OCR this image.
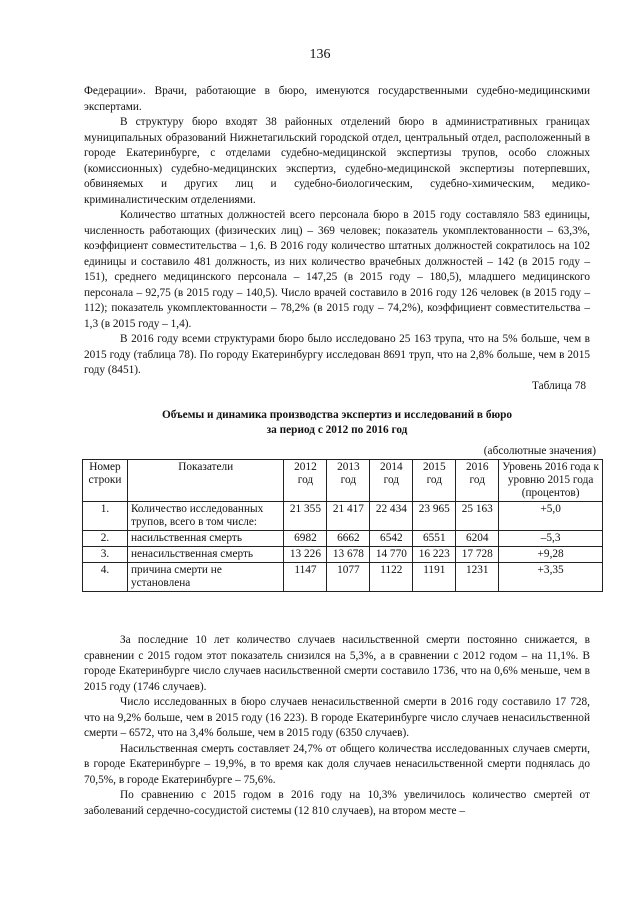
136

Федерации». Врачи, работающие в бюро, именуются государственными судебно-медицинскими экспертами.

В структуру бюро входят 38 районных отделений бюро в административных границах муниципальных образований Нижнетагильский городской отдел, центральный отдел, расположенный в городе Екатеринбурге, с отделами судебно-медицинской экспертизы трупов, особо сложных (комиссионных) судебно-медицинских экспертиз, судебно-медицинской экспертизы потерпевших, обвиняемых и других лиц и судебно-биологическим, судебно-химическим, медико-криминалистическим отделениями.

Количество штатных должностей всего персонала бюро в 2015 году составляло 583 единицы, численность работающих (физических лиц) – 369 человек; показатель укомплектованности – 63,3%, коэффициент совместительства – 1,6. В 2016 году количество штатных должностей сократилось на 102 единицы и составило 481 должность, из них количество врачебных должностей – 142 (в 2015 году – 151), среднего медицинского персонала – 147,25 (в 2015 году – 180,5), младшего медицинского персонала – 92,75 (в 2015 году – 140,5). Число врачей составило в 2016 году 126 человек (в 2015 году – 112); показатель укомплектованности – 78,2% (в 2015 году – 74,2%), коэффициент совместительства – 1,3 (в 2015 году – 1,4).

В 2016 году всеми структурами бюро было исследовано 25 163 трупа, что на 5% больше, чем в 2015 году (таблица 78). По городу Екатеринбургу исследован 8691 труп, что на 2,8% больше, чем в 2015 году (8451).

Таблица 78
Объемы и динамика производства экспертиз и исследований в бюро
за период с 2012 по 2016 год
(абсолютные значения)
Номер строки	Показатели	2012 год	2013 год	2014 год	2015 год	2016 год	Уровень 2016 года к уровню 2015 года (процентов)
1.	Количество исследованных трупов, всего в том числе:	21 355	21 417	22 434	23 965	25 163	+5,0
2.	насильственная смерть	6982	6662	6542	6551	6204	–5,3
3.	ненасильственная смерть	13 226	13 678	14 770	16 223	17 728	+9,28
4.	причина смерти не установлена	1147	1077	1122	1191	1231	+3,35

За последние 10 лет количество случаев насильственной смерти постоянно снижается, в сравнении с 2015 годом этот показатель снизился на 5,3%, а в сравнении с 2012 годом – на 11,1%. В городе Екатеринбурге число случаев насильственной смерти составило 1736, что на 0,6% меньше, чем в 2015 году (1746 случаев).

Число исследованных в бюро случаев ненасильственной смерти в 2016 году составило 17 728, что на 9,2% больше, чем в 2015 году (16 223). В городе Екатеринбурге число случаев ненасильственной смерти – 6572, что на 3,4% больше, чем в 2015 году (6350 случаев).

Насильственная смерть составляет 24,7% от общего количества исследованных случаев смерти, в городе Екатеринбурге – 19,9%, в то время как доля случаев ненасильственной смерти поднялась до 70,5%, в городе Екатеринбурге – 75,6%.

По сравнению с 2015 годом в 2016 году на 10,3% увеличилось количество смертей от заболеваний сердечно-сосудистой системы (12 810 случаев), на втором месте –
